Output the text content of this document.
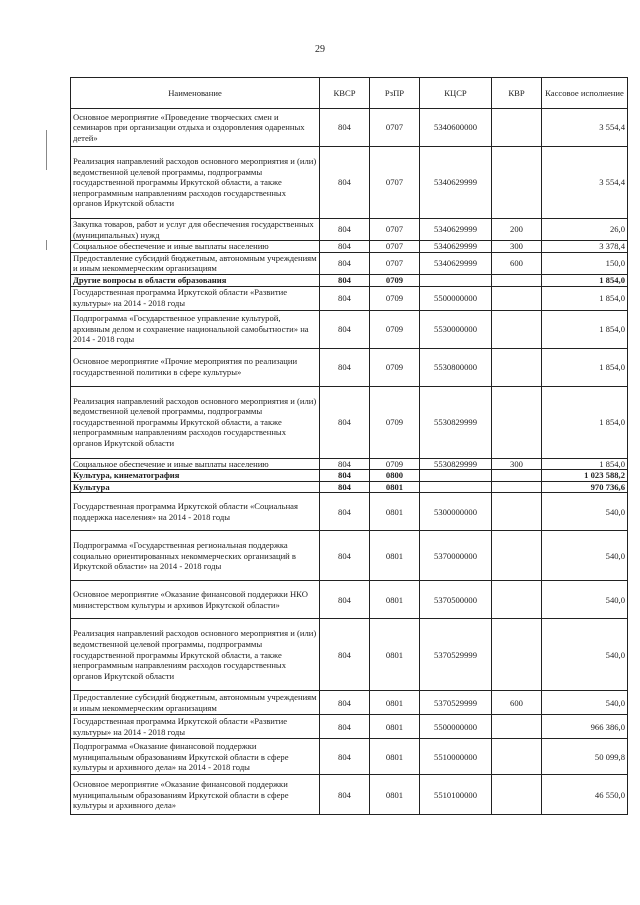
29
Наименование	КВСР	РзПР	КЦСР	КВР	Кассовое исполнение
Основное мероприятие «Проведение творческих смен и семинаров при организации отдыха и оздоровления одаренных детей»	804	0707	5340600000		3 554,4
Реализация направлений расходов основного мероприятия и (или) ведомственной целевой программы, подпрограммы государственной программы Иркутской области, а также непрограммным направлениям расходов государственных органов Иркутской области	804	0707	5340629999		3 554,4
Закупка товаров, работ и услуг для обеспечения государственных (муниципальных) нужд	804	0707	5340629999	200	26,0
Социальное обеспечение и иные выплаты населению	804	0707	5340629999	300	3 378,4
Предоставление субсидий бюджетным, автономным учреждениям и иным некоммерческим организациям	804	0707	5340629999	600	150,0
Другие вопросы в области образования	804	0709			1 854,0
Государственная программа Иркутской области «Развитие культуры» на 2014 - 2018 годы	804	0709	5500000000		1 854,0
Подпрограмма «Государственное управление культурой, архивным делом и сохранение национальной самобытности» на 2014 - 2018 годы	804	0709	5530000000		1 854,0
Основное мероприятие «Прочие мероприятия по реализации государственной политики в сфере культуры»	804	0709	5530800000		1 854,0
Реализация направлений расходов основного мероприятия и (или) ведомственной целевой программы, подпрограммы государственной программы Иркутской области, а также непрограммным направлениям расходов государственных органов Иркутской области	804	0709	5530829999		1 854,0
Социальное обеспечение и иные выплаты населению	804	0709	5530829999	300	1 854,0
Культура, кинематография	804	0800			1 023 588,2
Культура	804	0801			970 736,6
Государственная программа Иркутской области «Социальная поддержка населения» на 2014 - 2018 годы	804	0801	5300000000		540,0
Подпрограмма «Государственная региональная поддержка социально ориентированных некоммерческих организаций в Иркутской области» на 2014 - 2018 годы	804	0801	5370000000		540,0
Основное мероприятие «Оказание финансовой поддержки НКО министерством культуры и архивов Иркутской области»	804	0801	5370500000		540,0
Реализация направлений расходов основного мероприятия и (или) ведомственной целевой программы, подпрограммы государственной программы Иркутской области, а также непрограммным направлениям расходов государственных органов Иркутской области	804	0801	5370529999		540,0
Предоставление субсидий бюджетным, автономным учреждениям и иным некоммерческим организациям	804	0801	5370529999	600	540,0
Государственная программа Иркутской области «Развитие культуры» на 2014 - 2018 годы	804	0801	5500000000		966 386,0
Подпрограмма «Оказание финансовой поддержки муниципальным образованиям Иркутской области в сфере культуры и архивного дела» на 2014 - 2018 годы	804	0801	5510000000		50 099,8
Основное мероприятие «Оказание финансовой поддержки муниципальным образованиям Иркутской области в сфере культуры и архивного дела»	804	0801	5510100000		46 550,0
